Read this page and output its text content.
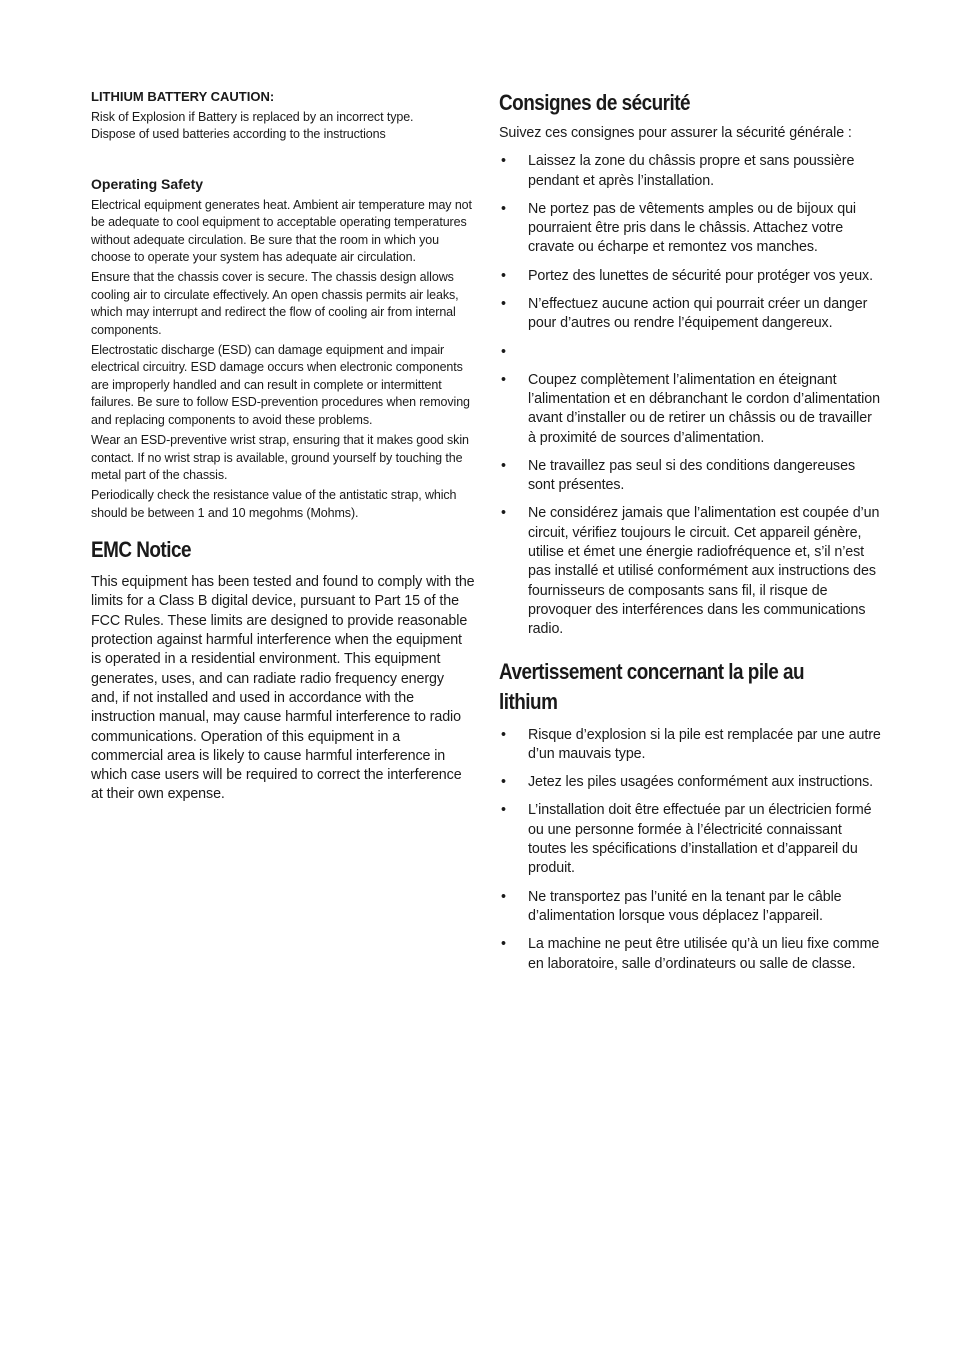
LITHIUM BATTERY CAUTION:
Risk of Explosion if Battery is replaced by an incorrect type.
Dispose of used batteries according to the instructions
Operating Safety

Electrical equipment generates heat. Ambient air temperature may not be adequate to cool equipment to acceptable operating temperatures without adequate circulation. Be sure that the room in which you choose to operate your system has adequate air circulation.

Ensure that the chassis cover is secure. The chassis design allows cooling air to circulate effectively. An open chassis permits air leaks, which may interrupt and redirect the flow of cooling air from internal components.

Electrostatic discharge (ESD) can damage equipment and impair electrical circuitry. ESD damage occurs when electronic components are improperly handled and can result in complete or intermittent failures. Be sure to follow ESD-prevention procedures when removing and replacing components to avoid these problems.

Wear an ESD-preventive wrist strap, ensuring that it makes good skin contact. If no wrist strap is available, ground yourself by touching the metal part of the chassis.

Periodically check the resistance value of the antistatic strap, which should be between 1 and 10 megohms (Mohms).

EMC Notice

This equipment has been tested and found to comply with the limits for a Class B digital device, pursuant to Part 15 of the FCC Rules. These limits are designed to provide reasonable protection against harmful interference when the equipment is operated in a residential environment. This equipment generates, uses, and can radiate radio frequency energy and, if not installed and used in accordance with the instruction manual, may cause harmful interference to radio communications. Operation of this equipment in a commercial area is likely to cause harmful interference in which case users will be required to correct the interference at their own expense.

Consignes de sécurité

Suivez ces consignes pour assurer la sécurité générale :

• Laissez la zone du châssis propre et sans poussière pendant et après l’installation.
• Ne portez pas de vêtements amples ou de bijoux qui pourraient être pris dans le châssis. Attachez votre cravate ou écharpe et remontez vos manches.
• Portez des lunettes de sécurité pour protéger vos yeux.
• N’effectuez aucune action qui pourrait créer un danger pour d’autres ou rendre l’équipement dangereux.
•
• Coupez complètement l’alimentation en éteignant l’alimentation et en débranchant le cordon d’alimentation avant d’installer ou de retirer un châssis ou de travailler à proximité de sources d’alimentation.
• Ne travaillez pas seul si des conditions dangereuses sont présentes.
• Ne considérez jamais que l’alimentation est coupée d’un circuit, vérifiez toujours le circuit. Cet appareil génère, utilise et émet une énergie radiofréquence et, s’il n’est pas installé et utilisé conformément aux instructions des fournisseurs de composants sans fil, il risque de provoquer des interférences dans les communications radio.
Avertissement concernant la pile au lithium
• Risque d’explosion si la pile est remplacée par une autre d’un mauvais type.
• Jetez les piles usagées conformément aux instructions.
• L’installation doit être effectuée par un électricien formé ou une personne formée à l’électricité connaissant toutes les spécifications d’installation et d’appareil du produit.
• Ne transportez pas l’unité en la tenant par le câble d’alimentation lorsque vous déplacez l’appareil.
• La machine ne peut être utilisée qu’à un lieu fixe comme en laboratoire, salle d’ordinateurs ou salle de classe.
